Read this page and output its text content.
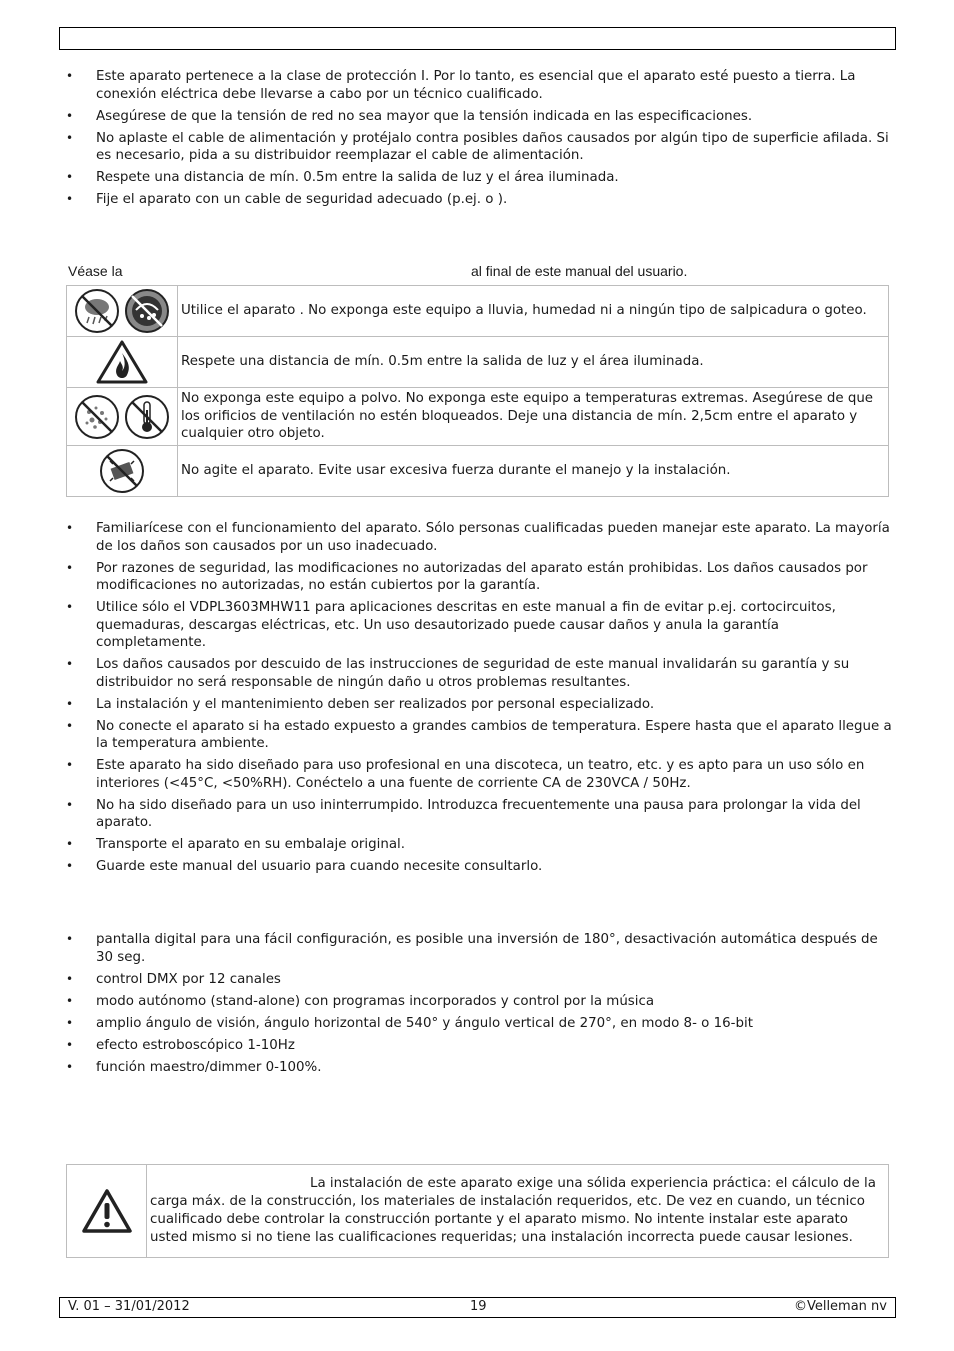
• Este aparato pertenece a la clase de protección I. Por lo tanto, es esencial que el aparato esté puesto a tierra. La conexión eléctrica debe llevarse a cabo por un técnico cualificado.
• Asegúrese de que la tensión de red no sea mayor que la tensión indicada en las especificaciones.
• No aplaste el cable de alimentación y protéjalo contra posibles daños causados por algún tipo de superficie afilada. Si es necesario, pida a su distribuidor reemplazar el cable de alimentación.
• Respete una distancia de mín. 0.5m entre la salida de luz y el área iluminada.
• Fije el aparato con un cable de seguridad adecuado (p.ej. o ).
Véase la	al final de este manual del usuario.
	Utilice el aparato . No exponga este equipo a lluvia, humedad ni a ningún tipo de salpicadura o goteo.

	Respete una distancia de mín. 0.5m entre la salida de luz y el área iluminada.

	No exponga este equipo a polvo. No exponga este equipo a temperaturas extremas. Asegúrese de que los orificios de ventilación no estén bloqueados. Deje una distancia de mín. 2,5cm entre el aparato y cualquier otro objeto.

	No agite el aparato. Evite usar excesiva fuerza durante el manejo y la instalación.
• Familiarícese con el funcionamiento del aparato. Sólo personas cualificadas pueden manejar este aparato. La mayoría de los daños son causados por un uso inadecuado.
• Por razones de seguridad, las modificaciones no autorizadas del aparato están prohibidas. Los daños causados por modificaciones no autorizadas, no están cubiertos por la garantía.
• Utilice sólo el VDPL3603MHW11 para aplicaciones descritas en este manual a fin de evitar p.ej. cortocircuitos, quemaduras, descargas eléctricas, etc. Un uso desautorizado puede causar daños y anula la garantía completamente.
• Los daños causados por descuido de las instrucciones de seguridad de este manual invalidarán su garantía y su distribuidor no será responsable de ningún daño u otros problemas resultantes.
• La instalación y el mantenimiento deben ser realizados por personal especializado.
• No conecte el aparato si ha estado expuesto a grandes cambios de temperatura. Espere hasta que el aparato llegue a la temperatura ambiente.
• Este aparato ha sido diseñado para uso profesional en una discoteca, un teatro, etc. y es apto para un uso sólo en interiores (<45°C, <50%RH). Conéctelo a una fuente de corriente CA de 230VCA / 50Hz.
• No ha sido diseñado para un uso ininterrumpido. Introduzca frecuentemente una pausa para prolongar la vida del aparato.
• Transporte el aparato en su embalaje original.
• Guarde este manual del usuario para cuando necesite consultarlo.
• pantalla digital para una fácil configuración, es posible una inversión de 180°, desactivación automática después de 30 seg.
• control DMX por 12 canales
• modo autónomo (stand-alone) con programas incorporados y control por la música
• amplio ángulo de visión, ángulo horizontal de 540° y ángulo vertical de 270°, en modo 8- o 16-bit
• efecto estroboscópico 1-10Hz
• función maestro/dimmer 0-100%.
	La instalación de este aparato exige una sólida experiencia práctica: el cálculo de la carga máx. de la construcción, los materiales de instalación requeridos, etc. De vez en cuando, un técnico cualificado debe controlar la construcción portante y el aparato mismo. No intente instalar este aparato usted mismo si no tiene las cualificaciones requeridas; una instalación incorrecta puede causar lesiones.
V. 01 – 31/01/2012	19	©Velleman nv
